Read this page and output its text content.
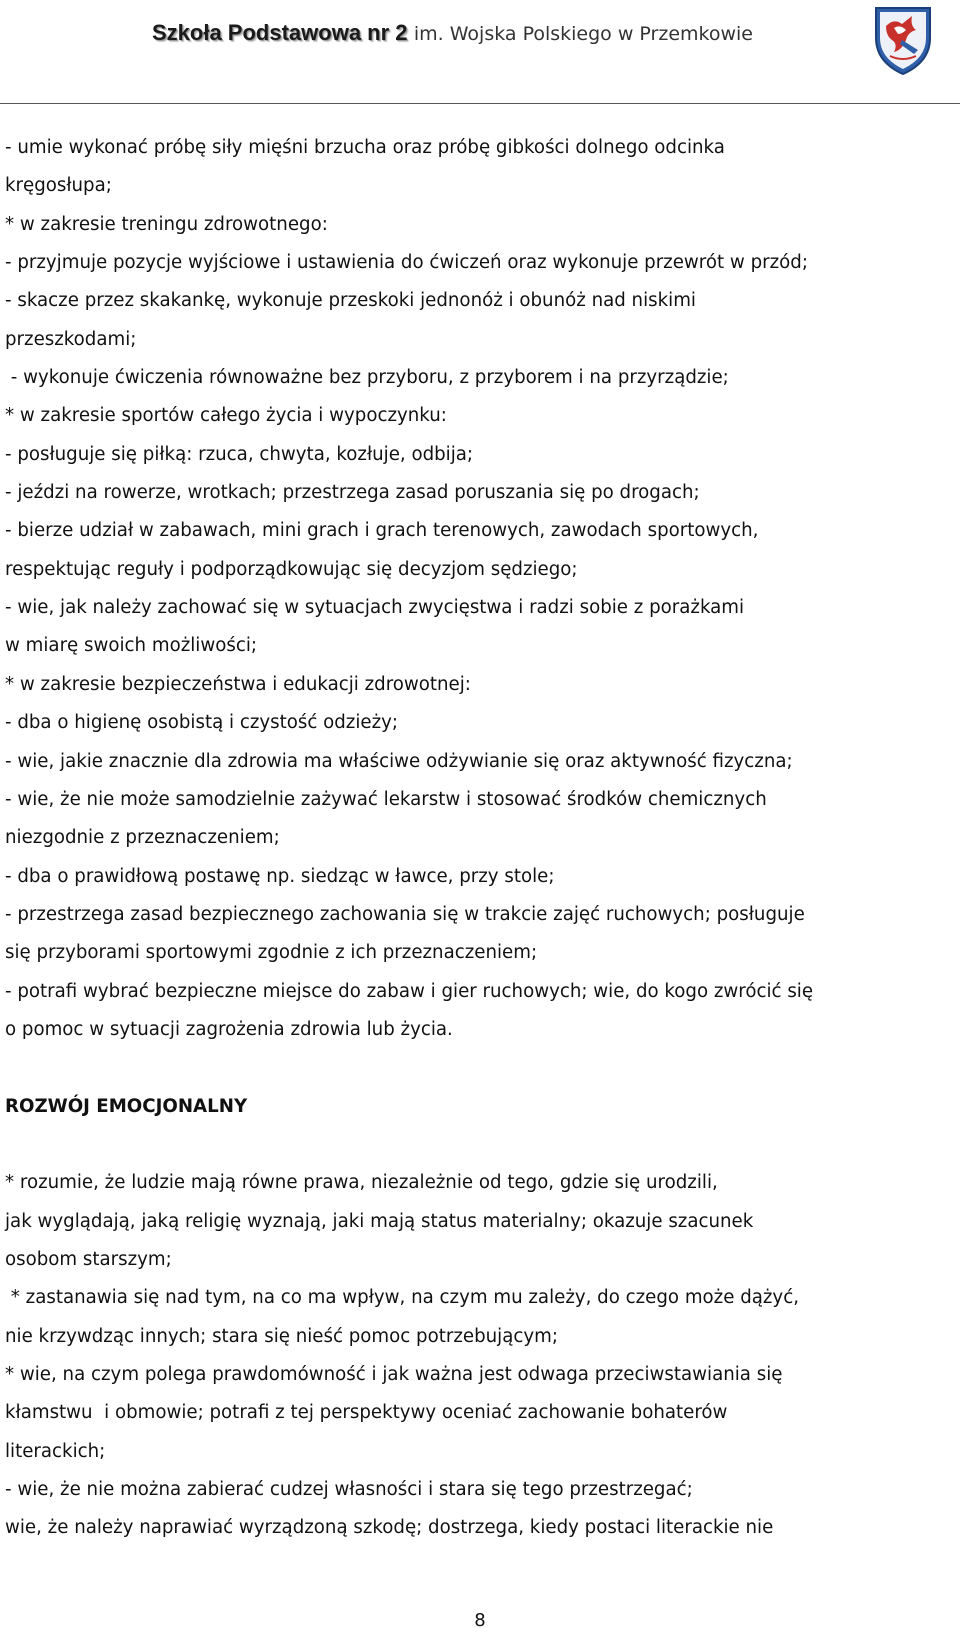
Szkoła Podstawowa nr 2 im. Wojska Polskiego w Przemkowie
- umie wykonać próbę siły mięśni brzucha oraz próbę gibkości dolnego odcinka
kręgosłupa;
* w zakresie treningu zdrowotnego:
- przyjmuje pozycje wyjściowe i ustawienia do ćwiczeń oraz wykonuje przewrót w przód;
- skacze przez skakankę, wykonuje przeskoki jednonóż i obunóż nad niskimi
przeszkodami;
- wykonuje ćwiczenia równoważne bez przyboru, z przyborem i na przyrządzie;
* w zakresie sportów całego życia i wypoczynku:
- posługuje się piłką: rzuca, chwyta, kozłuje, odbija;
- jeździ na rowerze, wrotkach; przestrzega zasad poruszania się po drogach;
- bierze udział w zabawach, mini grach i grach terenowych, zawodach sportowych,
respektując reguły i podporządkowując się decyzjom sędziego;
- wie, jak należy zachować się w sytuacjach zwycięstwa i radzi sobie z porażkami
w miarę swoich możliwości;
* w zakresie bezpieczeństwa i edukacji zdrowotnej:
- dba o higienę osobistą i czystość odzieży;
- wie, jakie znacznie dla zdrowia ma właściwe odżywianie się oraz aktywność fizyczna;
- wie, że nie może samodzielnie zażywać lekarstw i stosować środków chemicznych
niezgodnie z przeznaczeniem;
- dba o prawidłową postawę np. siedząc w ławce, przy stole;
- przestrzega zasad bezpiecznego zachowania się w trakcie zajęć ruchowych; posługuje
się przyborami sportowymi zgodnie z ich przeznaczeniem;
- potrafi wybrać bezpieczne miejsce do zabaw i gier ruchowych; wie, do kogo zwrócić się
o pomoc w sytuacji zagrożenia zdrowia lub życia.
ROZWÓJ EMOCJONALNY
* rozumie, że ludzie mają równe prawa, niezależnie od tego, gdzie się urodzili,
jak wyglądają, jaką religię wyznają, jaki mają status materialny; okazuje szacunek
osobom starszym;
* zastanawia się nad tym, na co ma wpływ, na czym mu zależy, do czego może dążyć,
nie krzywdząc innych; stara się nieść pomoc potrzebującym;
* wie, na czym polega prawdomówność i jak ważna jest odwaga przeciwstawiania się
kłamstwu  i obmowie; potrafi z tej perspektywy oceniać zachowanie bohaterów
literackich;
- wie, że nie można zabierać cudzej własności i stara się tego przestrzegać;
wie, że należy naprawiać wyrządzoną szkodę; dostrzega, kiedy postaci literackie nie
8
